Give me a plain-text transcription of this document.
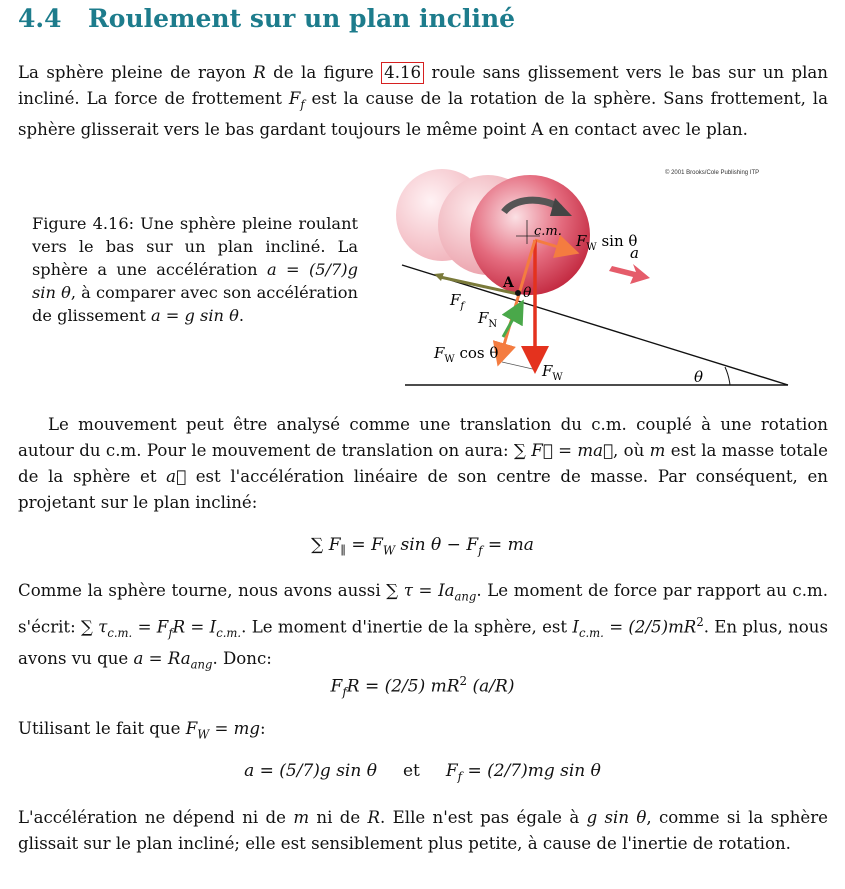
4.4 Roulement sur un plan incliné

La sphère pleine de rayon R de la figure 4.16 roule sans glissement vers le bas sur un plan incliné. La force de frottement $F_f$ est la cause de la rotation de la sphère. Sans frottement, la sphère glisserait vers le bas gardant toujours le même point A en contact avec le plan.

Figure 4.16: Une sphère pleine roulant vers le bas sur un plan incliné. La sphère a une accélération a = (5/7)g sin θ, à comparer avec son accélération de glissement a = g sin θ.

© 2001 Brooks/Cole Publishing ITP
c.m.
$F_W$ sin θ
a
A
θ
$F_f$
$F_N$
$F_W$ cos θ
$F_W$	θ

Le mouvement peut être analysé comme une translation du c.m. couplé à une rotation autour du c.m. Pour le mouvement de translation on aura: ∑ F⃗ = ma⃗, où m est la masse totale de la sphère et a⃗ est l'accélération linéaire de son centre de masse. Par conséquent, en projetant sur le plan incliné:

∑ $F_\parallel = F_W$ $\sin \theta - F_f$ = ma

Comme la sphère tourne, nous avons aussi ∑ $\tau = Ia_{ang}$. Le moment de force par rapport au c.m. s'écrit: ∑ $\tau_{c.m.} = F_fR = I_{c.m.}$. Le moment d'inertie de la sphère, est $I_{c.m.} = (2/5)mR^2$. En plus, nous avons vu que $a = Ra_{ang}$. Donc:

$F_fR = (2/5)$ $mR^2$ (a/R)

Utilisant le fait que $F_W$ = mg:

a = (5/7)g sin θ et $F_f = (2/7)mg$ sin θ

L'accélération ne dépend ni de m ni de R. Elle n'est pas égale à g sin θ, comme si la sphère glissait sur le plan incliné; elle est sensiblement plus petite, à cause de l'inertie de rotation.
